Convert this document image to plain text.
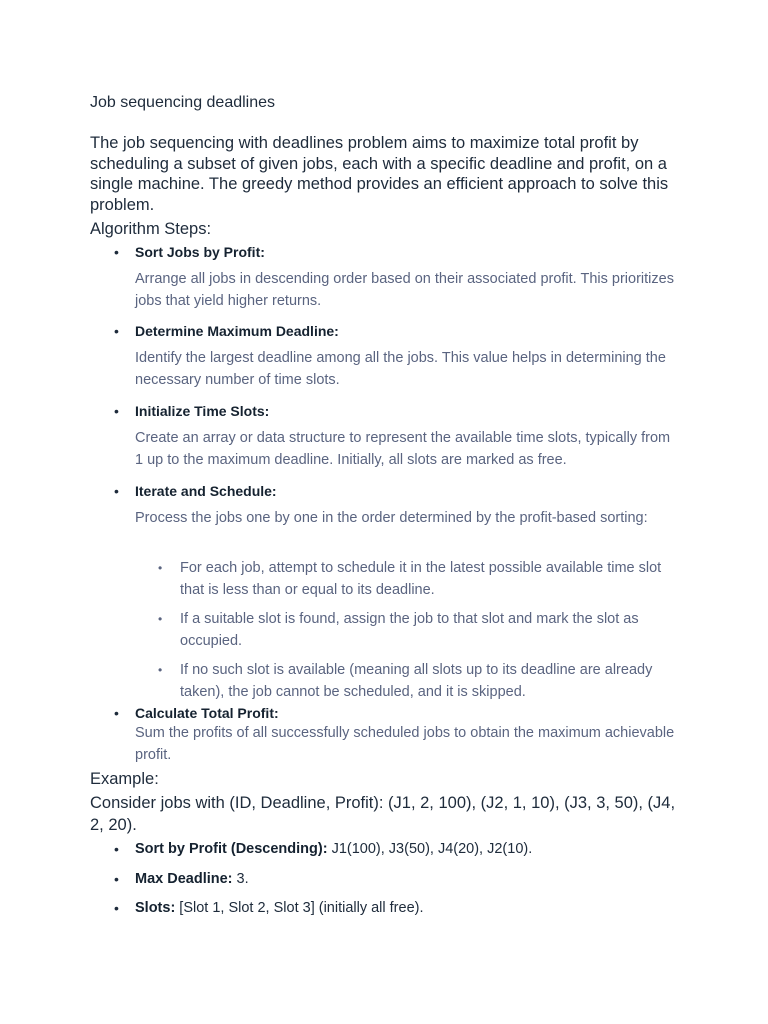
Job sequencing deadlines
The job sequencing with deadlines problem aims to maximize total profit by scheduling a subset of given jobs, each with a specific deadline and profit, on a single machine. The greedy method provides an efficient approach to solve this problem.
Algorithm Steps:
• Sort Jobs by Profit:
Arrange all jobs in descending order based on their associated profit. This prioritizes jobs that yield higher returns.
• Determine Maximum Deadline:
Identify the largest deadline among all the jobs. This value helps in determining the necessary number of time slots.
• Initialize Time Slots:
Create an array or data structure to represent the available time slots, typically from 1 up to the maximum deadline. Initially, all slots are marked as free.
• Iterate and Schedule:
Process the jobs one by one in the order determined by the profit-based sorting:
• For each job, attempt to schedule it in the latest possible available time slot that is less than or equal to its deadline.
• If a suitable slot is found, assign the job to that slot and mark the slot as occupied.
• If no such slot is available (meaning all slots up to its deadline are already taken), the job cannot be scheduled, and it is skipped.
• Calculate Total Profit:
Sum the profits of all successfully scheduled jobs to obtain the maximum achievable profit.
Example:
Consider jobs with (ID, Deadline, Profit): (J1, 2, 100), (J2, 1, 10), (J3, 3, 50), (J4, 2, 20).
• Sort by Profit (Descending): J1(100), J3(50), J4(20), J2(10).
• Max Deadline: 3.
• Slots: [Slot 1, Slot 2, Slot 3] (initially all free).
